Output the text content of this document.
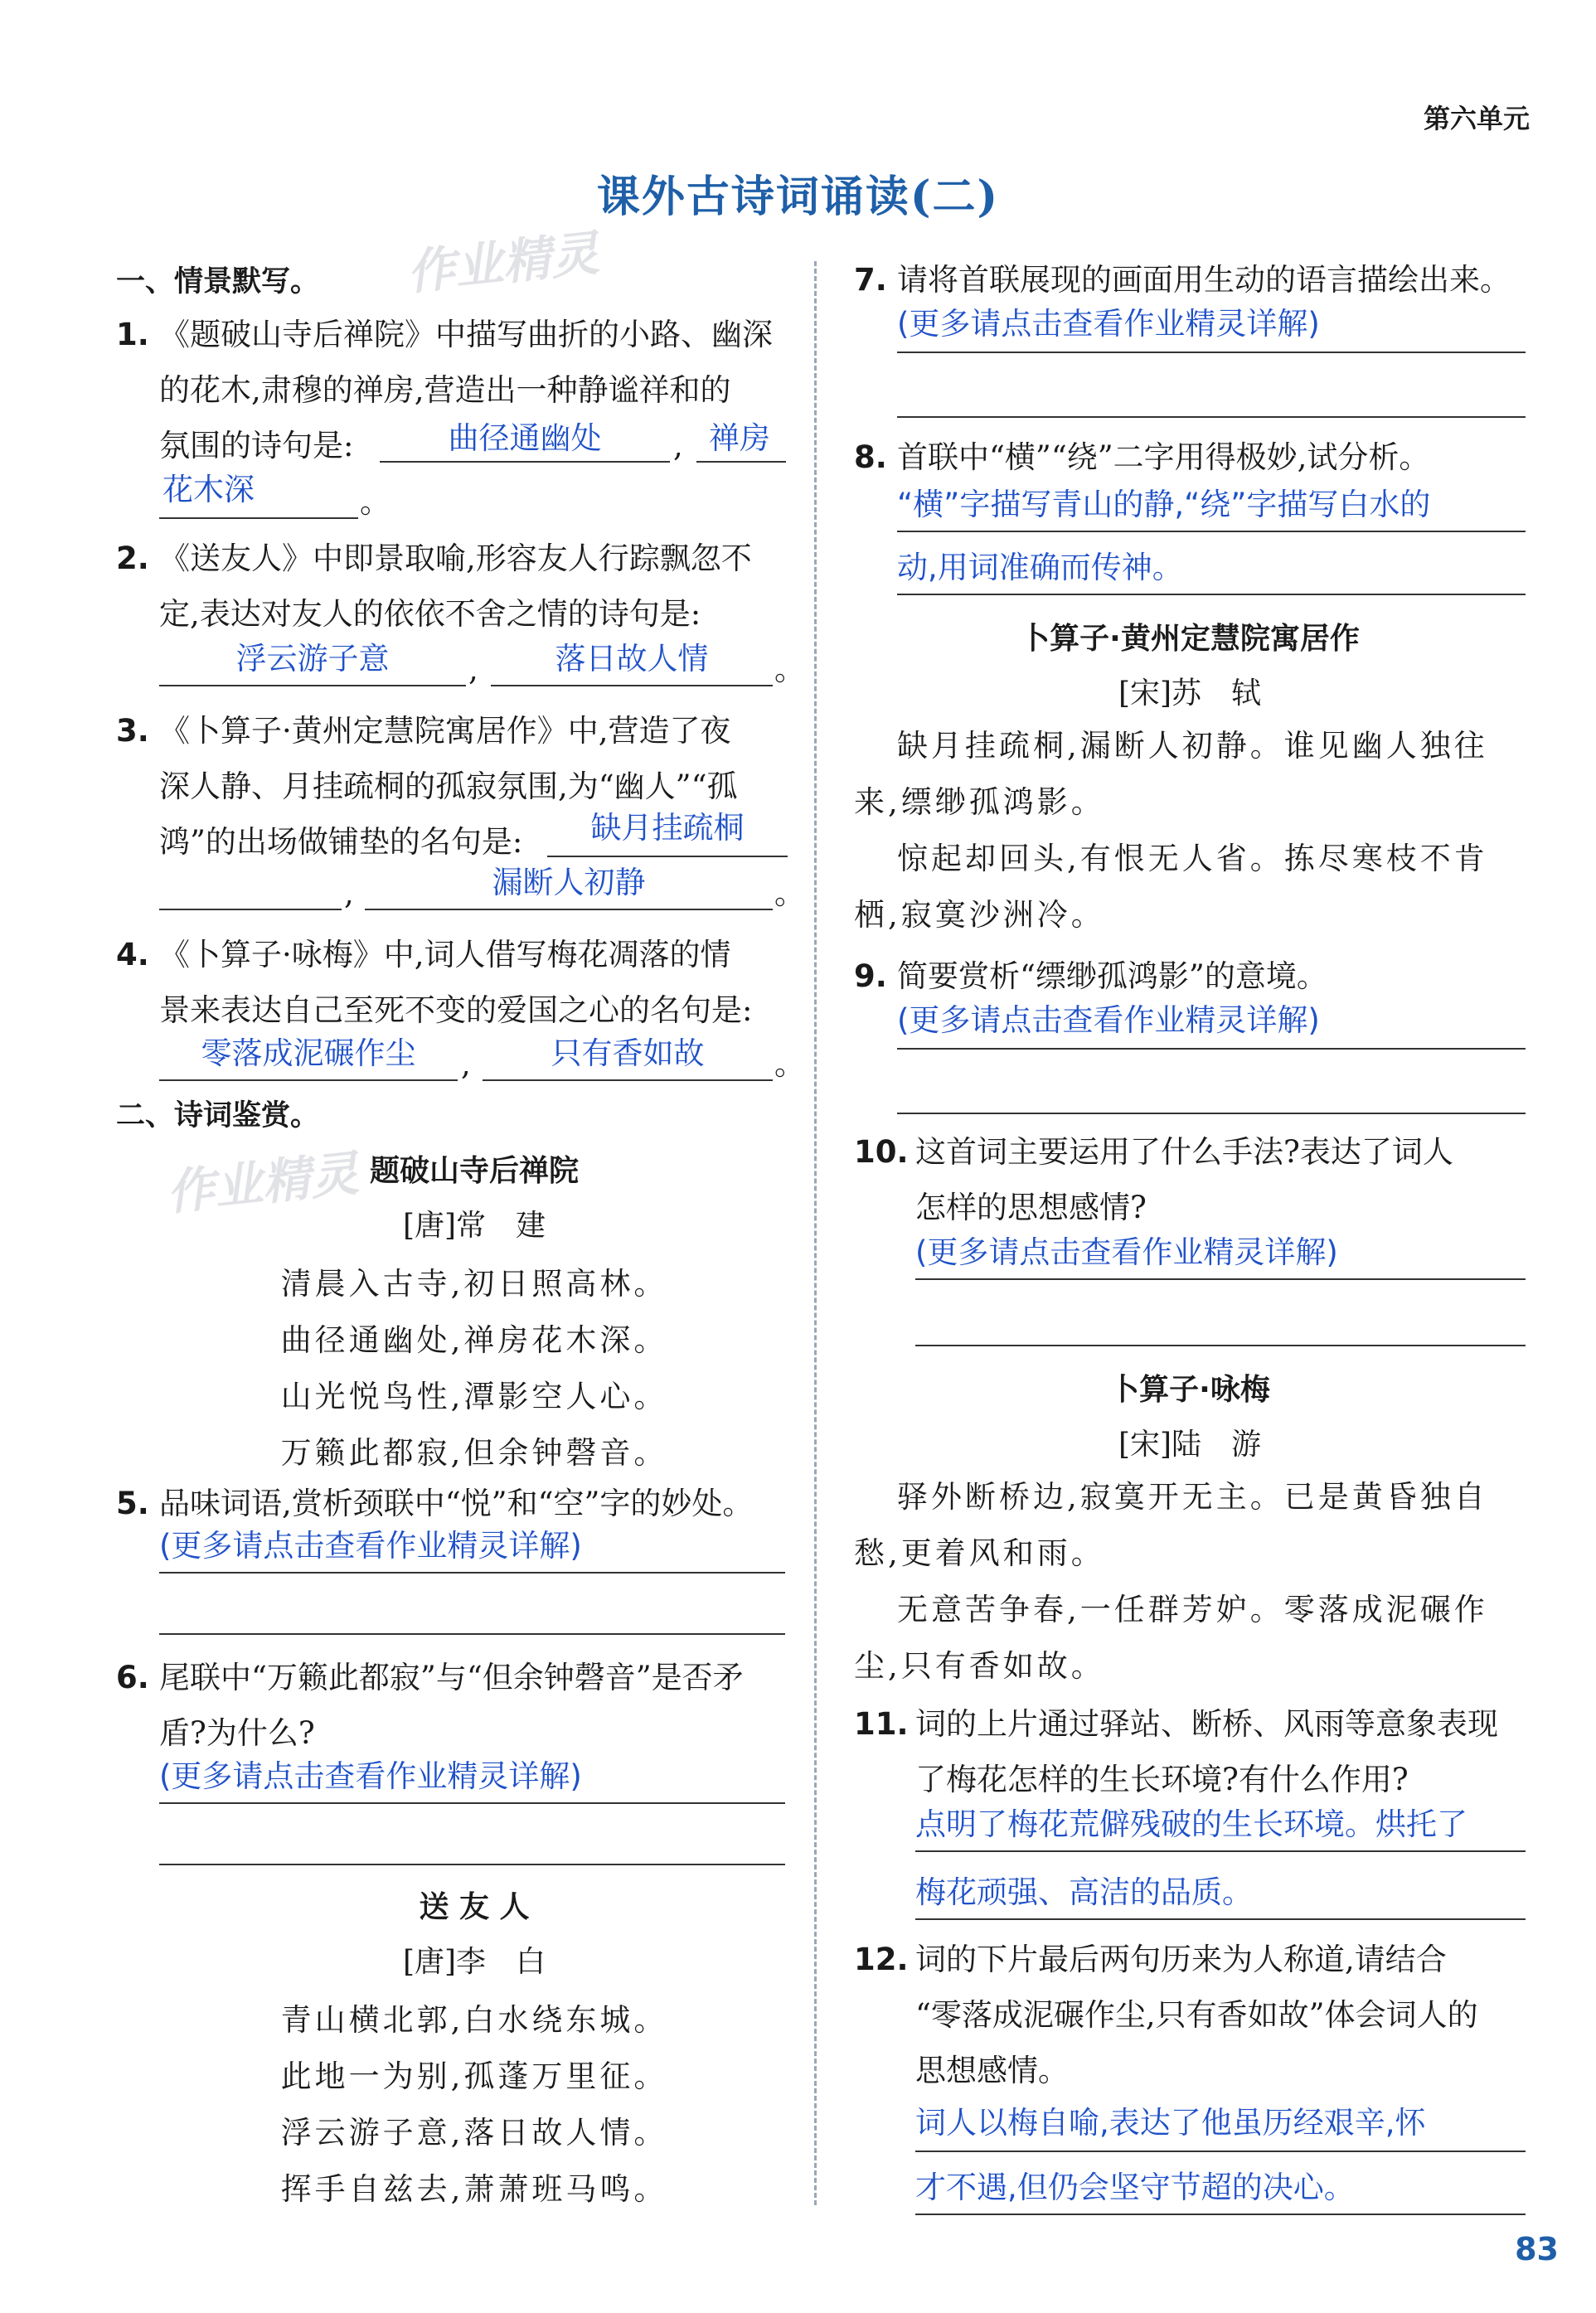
第六单元
课外古诗词诵读(二)
作业精灵
作业精灵
一、情景默写。
1. 《题破山寺后禅院》中描写曲折的小路、幽深
的花木,肃穆的禅房,营造出一种静谧祥和的
氛围的诗句是:	曲径通幽处	, 禅房
花木深	。
2. 《送友人》中即景取喻,形容友人行踪飘忽不
定,表达对友人的依依不舍之情的诗句是:
浮云游子意	,	落日故人情	。
3. 《卜算子·黄州定慧院寓居作》中,营造了夜
深人静、月挂疏桐的孤寂氛围,为“幽人”“孤
鸿”的出场做铺垫的名句是:	缺月挂疏桐
,	漏断人初静	。
4. 《卜算子·咏梅》中,词人借写梅花凋落的情
景来表达自己至死不变的爱国之心的名句是:
零落成泥碾作尘	,	只有香如故	。
二、诗词鉴赏。
题破山寺后禅院
[唐]常　建
清晨入古寺,初日照高林。
曲径通幽处,禅房花木深。
山光悦鸟性,潭影空人心。
万籁此都寂,但余钟磬音。
5. 品味词语,赏析颈联中“悦”和“空”字的妙处。
(更多请点击查看作业精灵详解)
6. 尾联中“万籁此都寂”与“但余钟磬音”是否矛
盾?为什么?
(更多请点击查看作业精灵详解)
送 友 人
[唐]李　白
青山横北郭,白水绕东城。
此地一为别,孤蓬万里征。
浮云游子意,落日故人情。
挥手自兹去,萧萧班马鸣。
7. 请将首联展现的画面用生动的语言描绘出来。
(更多请点击查看作业精灵详解)
8. 首联中“横”“绕”二字用得极妙,试分析。
“横”字描写青山的静,“绕”字描写白水的
动,用词准确而传神。
卜算子·黄州定慧院寓居作
[宋]苏　轼
缺月挂疏桐,漏断人初静。谁见幽人独往
来,缥缈孤鸿影。
惊起却回头,有恨无人省。拣尽寒枝不肯
栖,寂寞沙洲冷。
9. 简要赏析“缥缈孤鸿影”的意境。
(更多请点击查看作业精灵详解)
10. 这首词主要运用了什么手法?表达了词人
怎样的思想感情?
(更多请点击查看作业精灵详解)
卜算子·咏梅
[宋]陆　游
驿外断桥边,寂寞开无主。已是黄昏独自
愁,更着风和雨。
无意苦争春,一任群芳妒。零落成泥碾作
尘,只有香如故。
11. 词的上片通过驿站、断桥、风雨等意象表现
了梅花怎样的生长环境?有什么作用?
点明了梅花荒僻残破的生长环境。烘托了
梅花顽强、高洁的品质。
12. 词的下片最后两句历来为人称道,请结合
“零落成泥碾作尘,只有香如故”体会词人的
思想感情。
词人以梅自喻,表达了他虽历经艰辛,怀
才不遇,但仍会坚守节超的决心。
83
